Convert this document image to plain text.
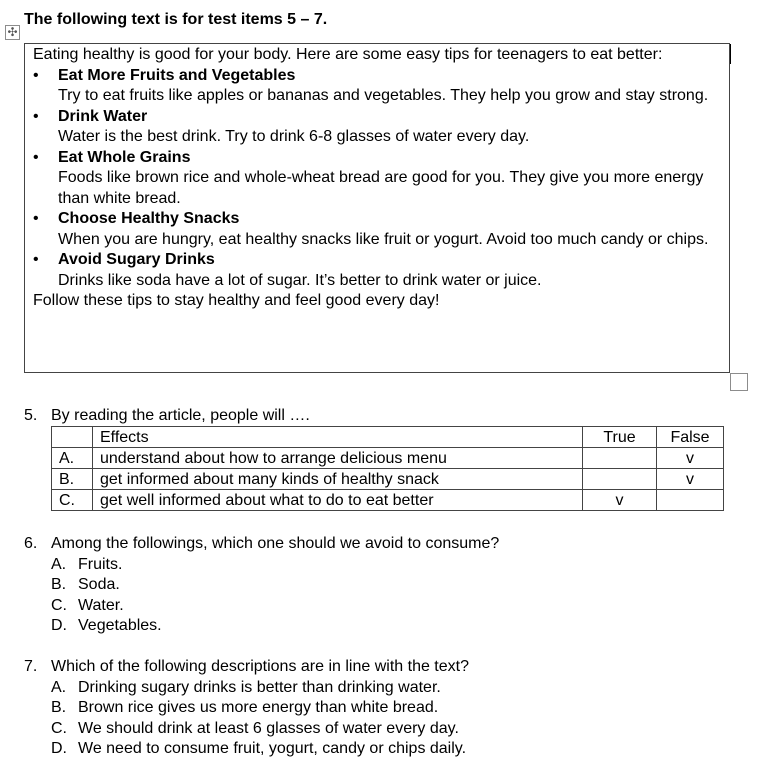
✣
The following text is for test items 5 – 7.
Eating healthy is good for your body. Here are some easy tips for teenagers to eat better:
• Eat More Fruits and Vegetables
Try to eat fruits like apples or bananas and vegetables. They help you grow and stay strong.
• Drink Water
Water is the best drink. Try to drink 6-8 glasses of water every day.
• Eat Whole Grains
Foods like brown rice and whole-wheat bread are good for you. They give you more energy than white bread.
• Choose Healthy Snacks
When you are hungry, eat healthy snacks like fruit or yogurt. Avoid too much candy or chips.
• Avoid Sugary Drinks
Drinks like soda have a lot of sugar. It’s better to drink water or juice.
Follow these tips to stay healthy and feel good every day!
5. By reading the article, people will ….
	Effects	True	False
A.	understand about how to arrange delicious menu		v
B.	get informed about many kinds of healthy snack		v
C.	get well informed about what to do to eat better	v	
6. Among the followings, which one should we avoid to consume?
A. Fruits.
B. Soda.
C. Water.
D. Vegetables.
7. Which of the following descriptions are in line with the text?
A. Drinking sugary drinks is better than drinking water.
B. Brown rice gives us more energy than white bread.
C. We should drink at least 6 glasses of water every day.
D. We need to consume fruit, yogurt, candy or chips daily.
